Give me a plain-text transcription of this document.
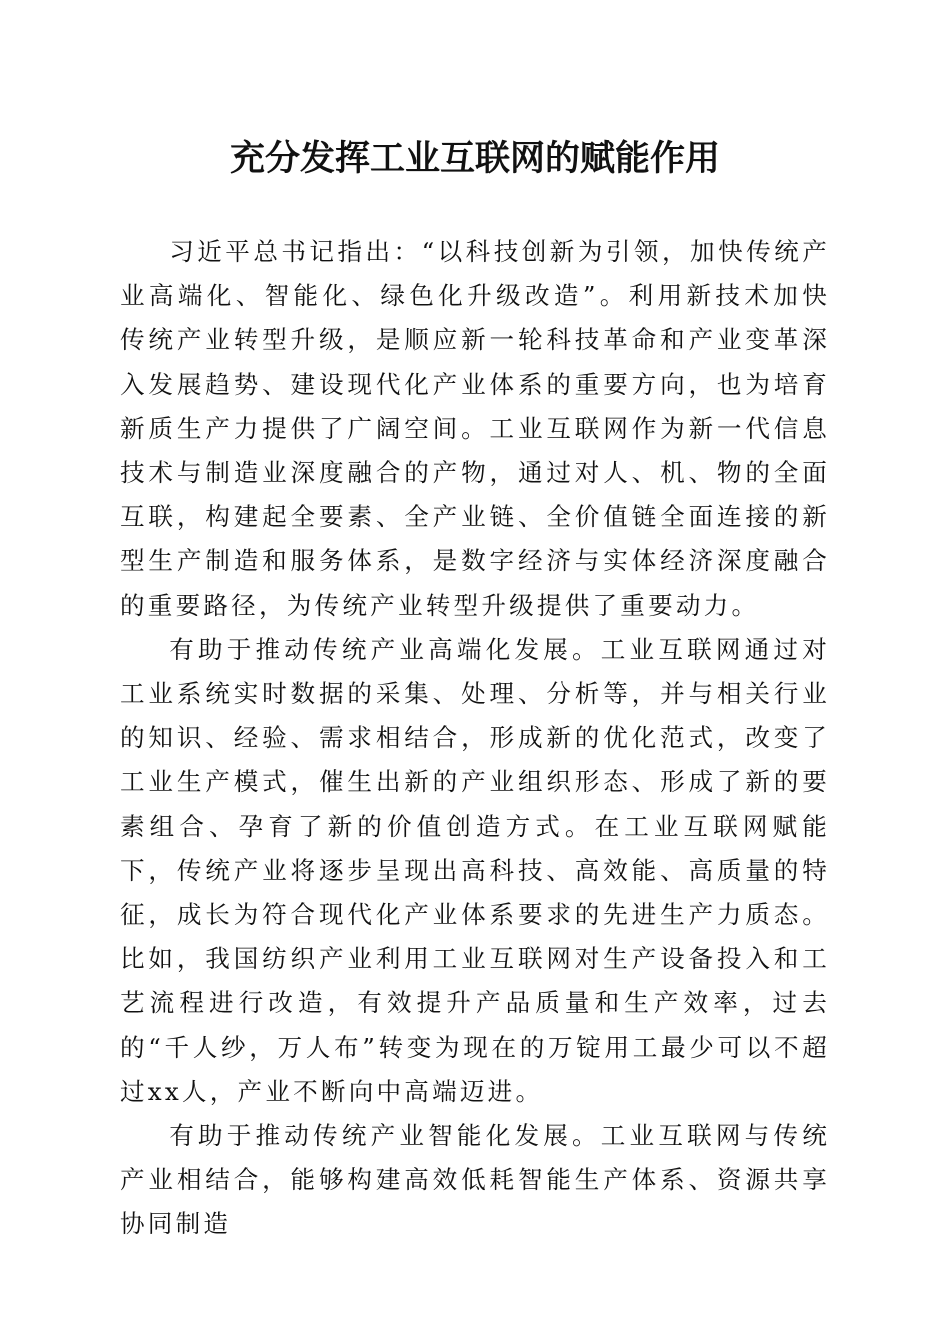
充分发挥工业互联网的赋能作用

习近平总书记指出：“以科技创新为引领，加快传统产业高端化、智能化、绿色化升级改造”。利用新技术加快传统产业转型升级，是顺应新一轮科技革命和产业变革深入发展趋势、建设现代化产业体系的重要方向，也为培育新质生产力提供了广阔空间。工业互联网作为新一代信息技术与制造业深度融合的产物，通过对人、机、物的全面互联，构建起全要素、全产业链、全价值链全面连接的新型生产制造和服务体系，是数字经济与实体经济深度融合的重要路径，为传统产业转型升级提供了重要动力。

有助于推动传统产业高端化发展。工业互联网通过对工业系统实时数据的采集、处理、分析等，并与相关行业的知识、经验、需求相结合，形成新的优化范式，改变了工业生产模式，催生出新的产业组织形态、形成了新的要素组合、孕育了新的价值创造方式。在工业互联网赋能下，传统产业将逐步呈现出高科技、高效能、高质量的特征，成长为符合现代化产业体系要求的先进生产力质态。比如，我国纺织产业利用工业互联网对生产设备投入和工艺流程进行改造，有效提升产品质量和生产效率，过去的“千人纱，万人布”转变为现在的万锭用工最少可以不超过xx人，产业不断向中高端迈进。

有助于推动传统产业智能化发展。工业互联网与传统产业相结合，能够构建高效低耗智能生产体系、资源共享协同制造
